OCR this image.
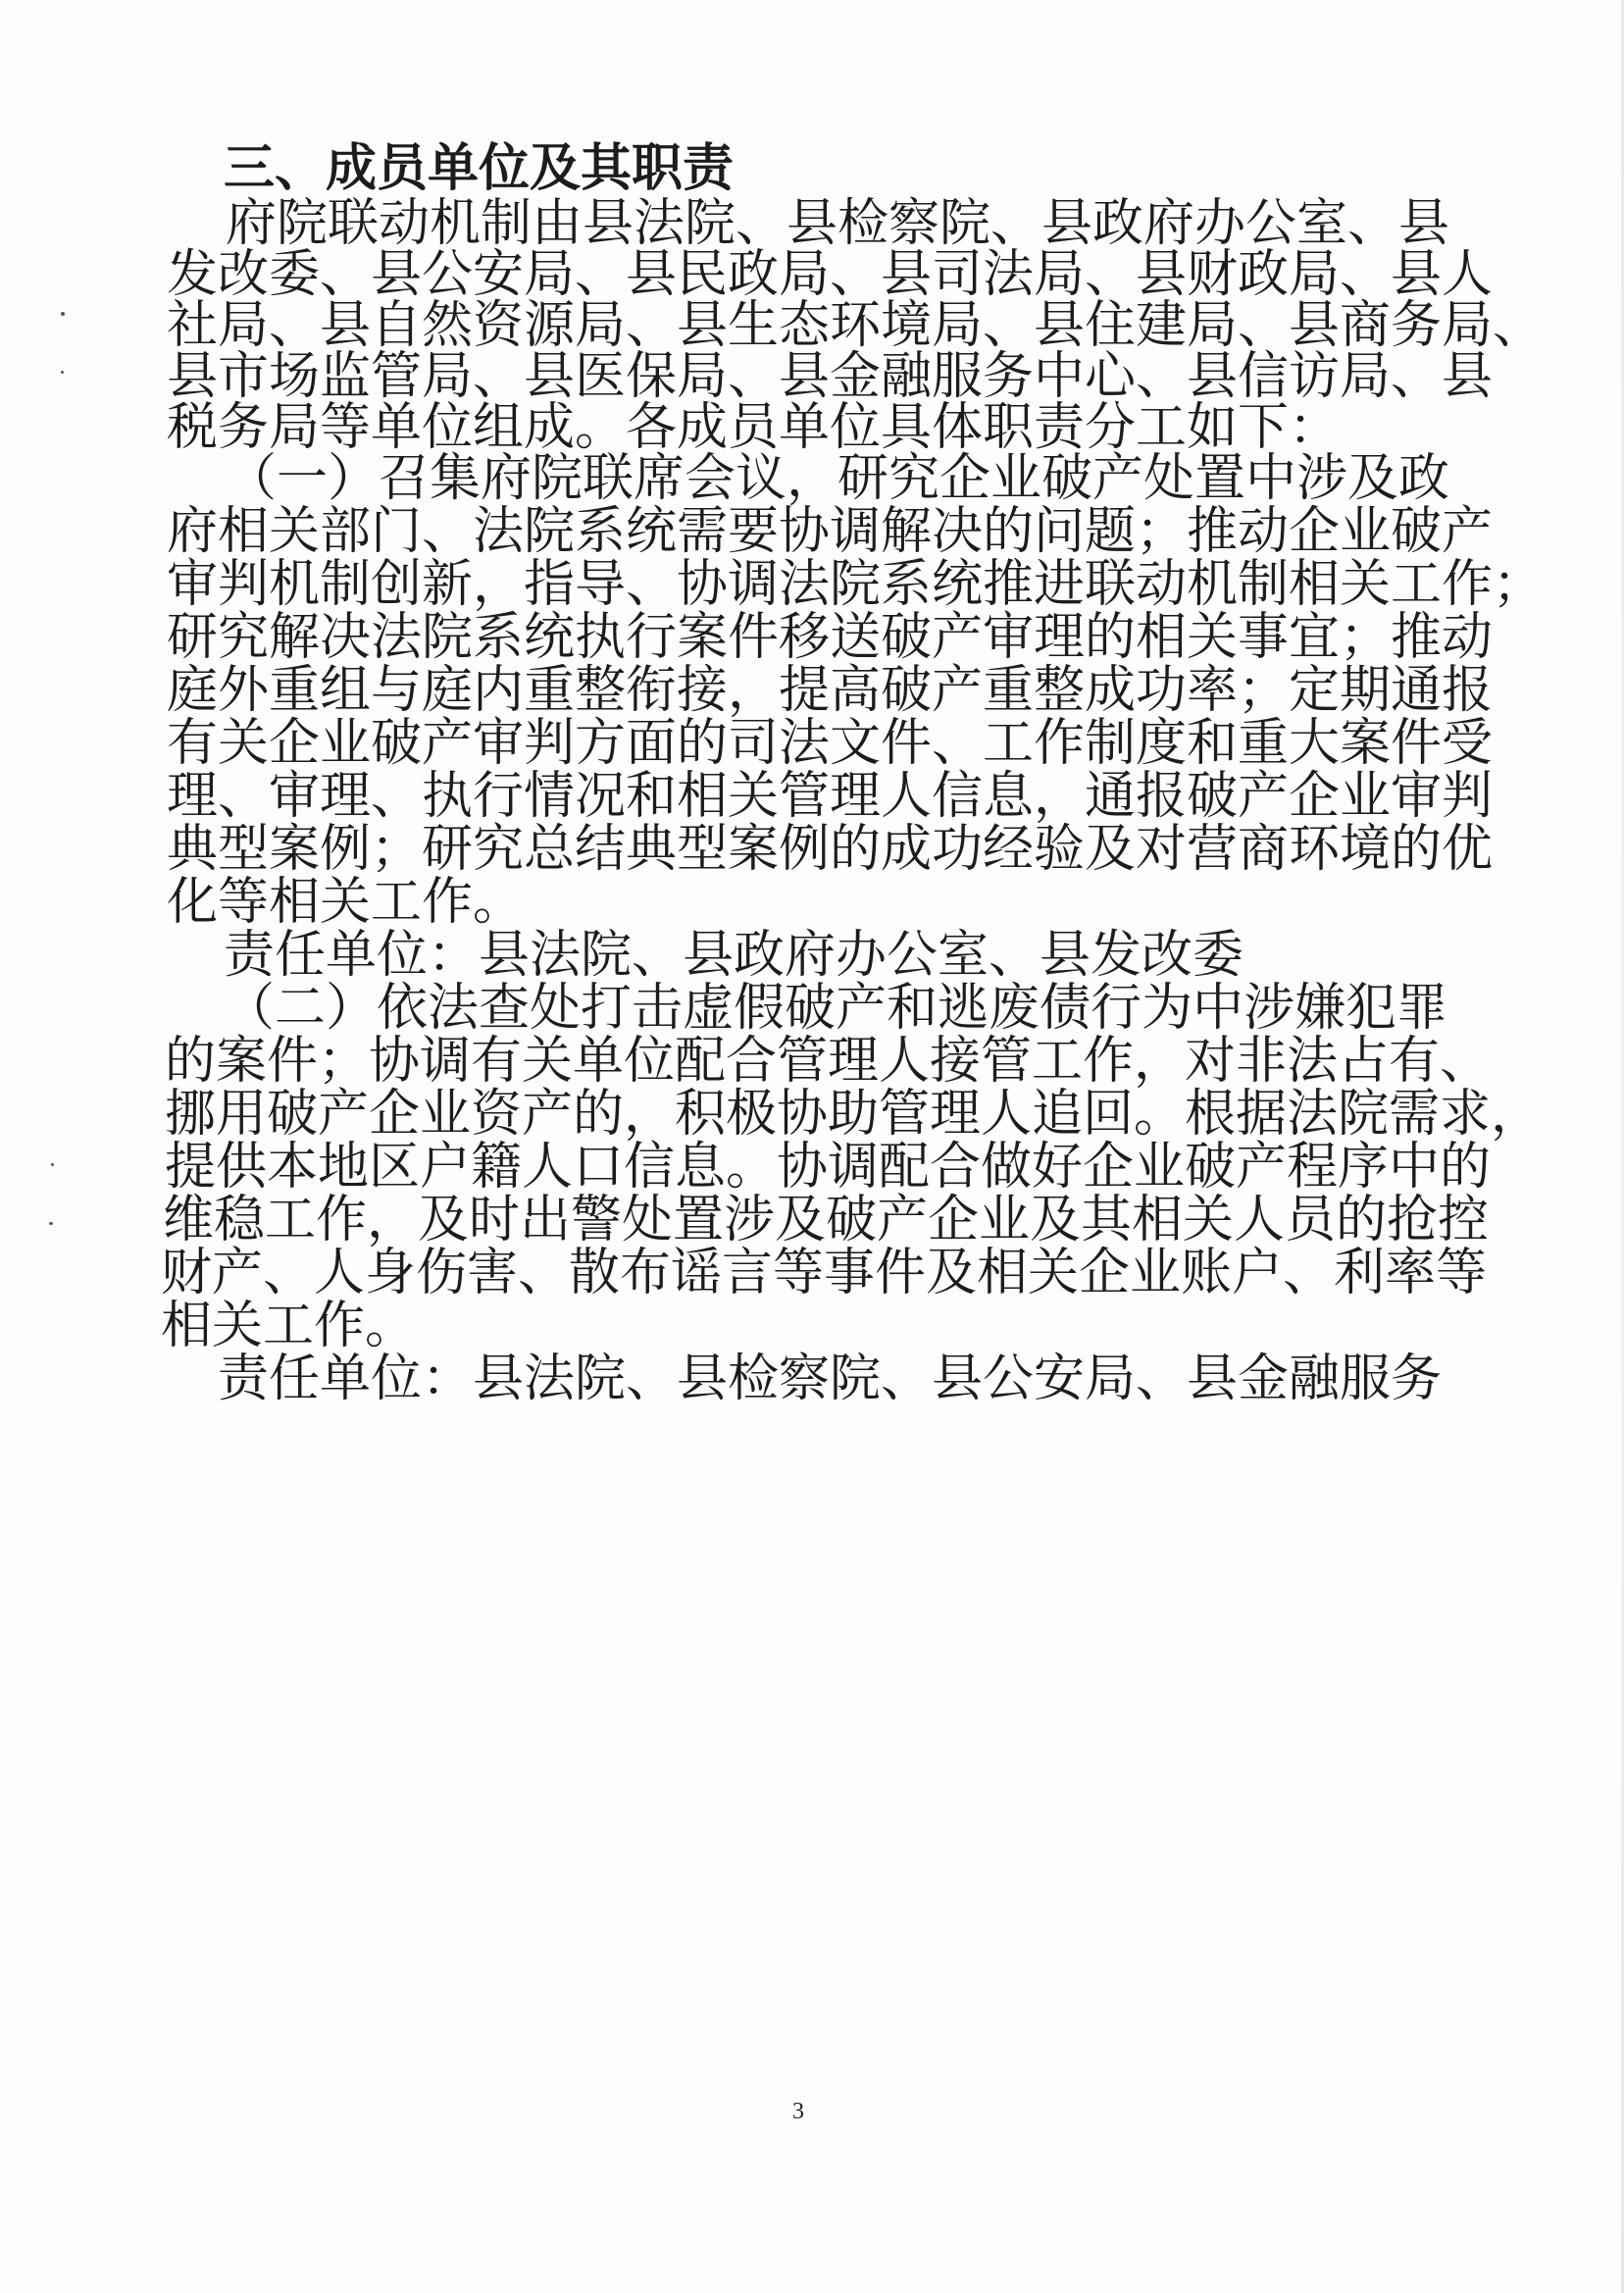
三、成员单位及其职责
府院联动机制由县法院、县检察院、县政府办公室、县
发改委、县公安局、县民政局、县司法局、县财政局、县人
社局、县自然资源局、县生态环境局、县住建局、县商务局、
县市场监管局、县医保局、县金融服务中心、县信访局、县
税务局等单位组成。各成员单位具体职责分工如下：
（一）召集府院联席会议，研究企业破产处置中涉及政
府相关部门、法院系统需要协调解决的问题；推动企业破产
审判机制创新，指导、协调法院系统推进联动机制相关工作；
研究解决法院系统执行案件移送破产审理的相关事宜；推动
庭外重组与庭内重整衔接，提高破产重整成功率；定期通报
有关企业破产审判方面的司法文件、工作制度和重大案件受
理、审理、执行情况和相关管理人信息，通报破产企业审判
典型案例；研究总结典型案例的成功经验及对营商环境的优
化等相关工作。
责任单位：县法院、县政府办公室、县发改委
（二）依法查处打击虚假破产和逃废债行为中涉嫌犯罪
的案件；协调有关单位配合管理人接管工作，对非法占有、
挪用破产企业资产的，积极协助管理人追回。根据法院需求，
提供本地区户籍人口信息。协调配合做好企业破产程序中的
维稳工作，及时出警处置涉及破产企业及其相关人员的抢控
财产、人身伤害、散布谣言等事件及相关企业账户、利率等
相关工作。
责任单位：县法院、县检察院、县公安局、县金融服务
3
